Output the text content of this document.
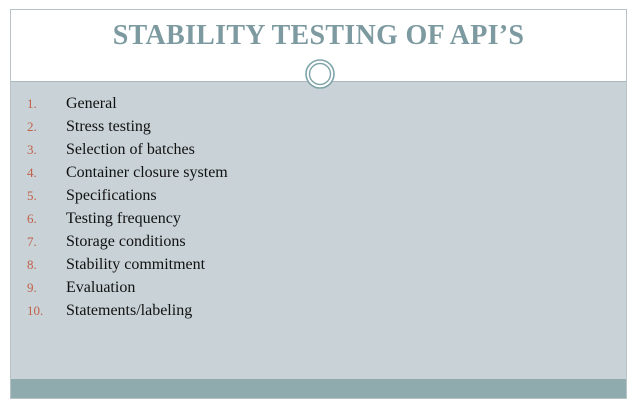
STABILITY TESTING OF API’S
1. General
2. Stress testing
3. Selection of batches
4. Container closure system
5. Specifications
6. Testing frequency
7. Storage conditions
8. Stability commitment
9. Evaluation
10. Statements/labeling
